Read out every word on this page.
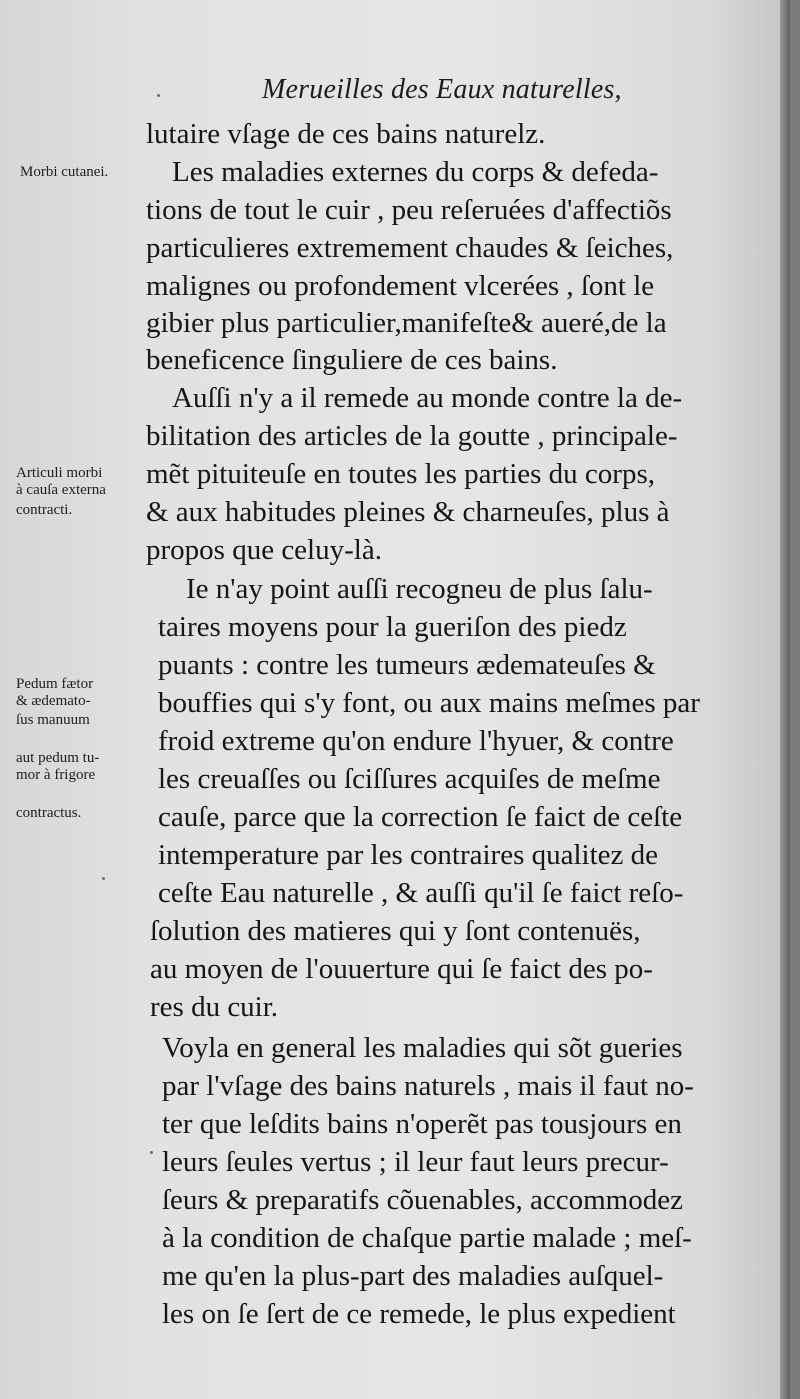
Merueilles des Eaux naturelles,
lutaire vſage de ces bains naturelz.
Les maladies externes du corps & defeda-
tions de tout le cuir , peu reſeruées d'affectiõs
particulieres extremement chaudes & ſeiches,
malignes ou profondement vlcerées , ſont le
gibier plus particulier,manifeſte& aueré,de la
beneficence ſinguliere de ces bains.
Auſſi n'y a il remede au monde contre la de-
bilitation des articles de la goutte , principale-
mẽt pituiteuſe en toutes les parties du corps,
& aux habitudes pleines & charneuſes, plus à
propos que celuy-là.
Ie n'ay point auſſi recogneu de plus ſalu-
taires moyens pour la gueriſon des piedz
puants : contre les tumeurs ædemateuſes &
bouffies qui s'y font, ou aux mains meſmes par
froid extreme qu'on endure l'hyuer, & contre
les creuaſſes ou ſciſſures acquiſes de meſme
cauſe, parce que la correction ſe faict de ceſte
intemperature par les contraires qualitez de
ceſte Eau naturelle , & auſſi qu'il ſe faict reſo-
ſolution des matieres qui y ſont contenuës,
au moyen de l'ouuerture qui ſe faict des po-
res du cuir.
Voyla en general les maladies qui sõt gueries
par l'vſage des bains naturels , mais il faut no-
ter que leſdits bains n'operẽt pas tousjours en
leurs ſeules vertus ; il leur faut leurs precur-
ſeurs & preparatifs cõuenables, accommodez
à la condition de chaſque partie malade ; meſ-
me qu'en la plus-part des maladies auſquel-
les on ſe ſert de ce remede, le plus expedient
Morbi cutanei.
Articuli morbi
à cauſa externa
contracti.
Pedum fætor
& ædemato-
ſus manuum
aut pedum tu-
mor à frigore
contractus.
